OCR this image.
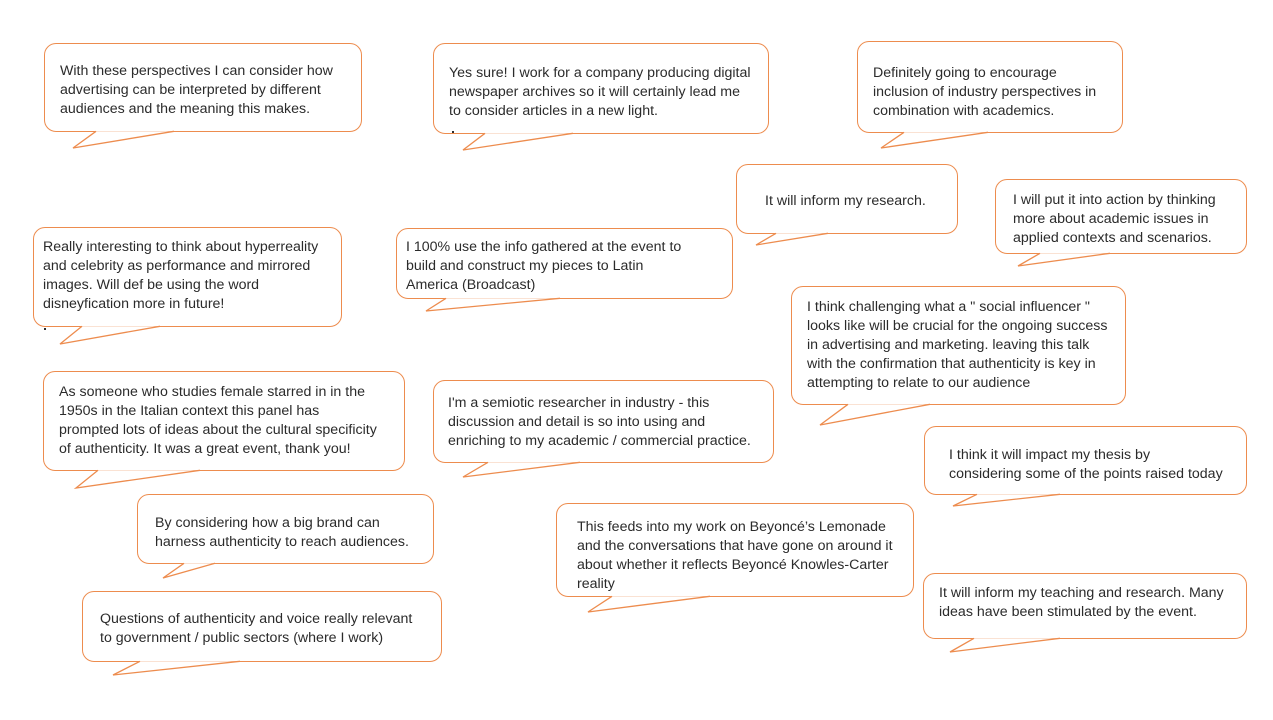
With these perspectives I can consider how
advertising can be interpreted by different
audiences and the meaning this makes.
Yes sure! I work for a company producing digital
newspaper archives so it will certainly lead me
to consider articles in a new light.
Definitely going to encourage
inclusion of industry perspectives in
combination with academics.
It will inform my research.	I will put it into action by thinking
more about academic issues in
applied contexts and scenarios.
Really interesting to think about hyperreality
and celebrity as performance and mirrored
images. Will def be using the word
disneyfication more in future!
I 100% use the info gathered at the event to
build and construct my pieces to Latin
America (Broadcast)
I think challenging what a " social influencer "
looks like will be crucial for the ongoing success
in advertising and marketing. leaving this talk
with the confirmation that authenticity is key in
attempting to relate to our audience
As someone who studies female starred in in the
1950s in the Italian context this panel has
prompted lots of ideas about the cultural specificity
of authenticity. It was a great event, thank you!
I'm a semiotic researcher in industry - this
discussion and detail is so into using and
enriching to my academic / commercial practice.
I think it will impact my thesis by
considering some of the points raised today
By considering how a big brand can
harness authenticity to reach audiences.
This feeds into my work on Beyoncé’s Lemonade
and the conversations that have gone on around it
about whether it reflects Beyoncé Knowles-Carter
reality
It will inform my teaching and research. Many
ideas have been stimulated by the event.
Questions of authenticity and voice really relevant
to government / public sectors (where I work)
